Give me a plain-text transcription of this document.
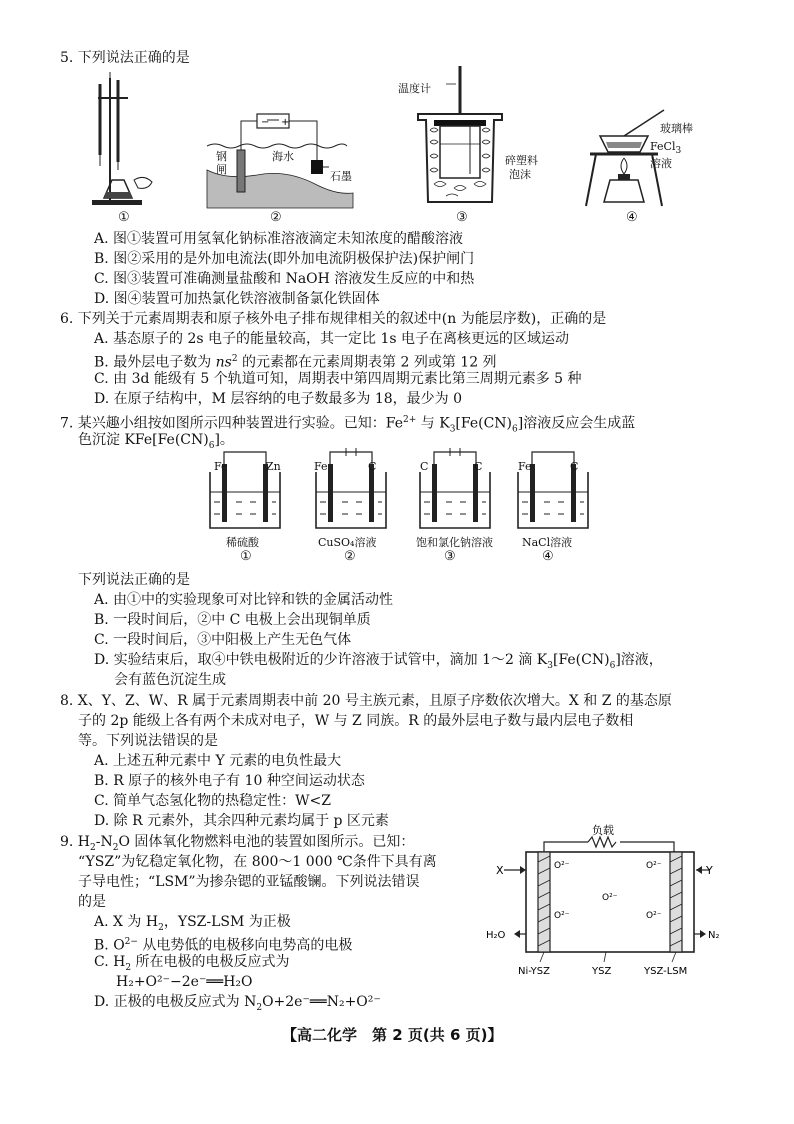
5. 下列说法正确的是
− +
钢
闸
海水
石墨
温度计
碎塑料
泡沫
玻璃棒
FeCl$_3$
溶液
①	②	③	④
A. 图①装置可用氢氧化钠标准溶液滴定未知浓度的醋酸溶液
B. 图②采用的是外加电流法(即外加电流阴极保护法)保护闸门
C. 图③装置可准确测量盐酸和 NaOH 溶液发生反应的中和热
D. 图④装置可加热氯化铁溶液制备氯化铁固体
6. 下列关于元素周期表和原子核外电子排布规律相关的叙述中(n 为能层序数)，正确的是
A. 基态原子的 2s 电子的能量较高，其一定比 1s 电子在离核更远的区域运动
B. 最外层电子数为 $ns^2$ 的元素都在元素周期表第 2 列或第 12 列
C. 由 3d 能级有 5 个轨道可知，周期表中第四周期元素比第三周期元素多 5 种
D. 在原子结构中，M 层容纳的电子数最多为 18，最少为 0
7. 某兴趣小组按如图所示四种装置进行实验。已知：$Fe^{2+}$ 与 $K_3[Fe(CN)_6]$溶液反应会生成蓝
色沉淀 $KFe[Fe(CN)_6]$。
Fe	Zn	Fe	C	C	C	Fe	C
稀硫酸	CuSO₄溶液	饱和氯化钠溶液	NaCl溶液
①	②	③	④
下列说法正确的是
A. 由①中的实验现象可对比锌和铁的金属活动性
B. 一段时间后，②中 C 电极上会出现铜单质
C. 一段时间后，③中阳极上产生无色气体
D. 实验结束后，取④中铁电极附近的少许溶液于试管中，滴加 1～2 滴 $K_3[Fe(CN)_6]$溶液，
会有蓝色沉淀生成
8. X、Y、Z、W、R 属于元素周期表中前 20 号主族元素，且原子序数依次增大。X 和 Z 的基态原
子的 2p 能级上各有两个未成对电子，W 与 Z 同族。R 的最外层电子数与最内层电子数相
等。下列说法错误的是
A. 上述五种元素中 Y 元素的电负性最大
B. R 原子的核外电子有 10 种空间运动状态
C. 简单气态氢化物的热稳定性：W<Z
D. 除 R 元素外，其余四种元素均属于 p 区元素
9. $H_2-N_2O$ 固体氧化物燃料电池的装置如图所示。已知：
“YSZ”为钇稳定氧化物，在 800～1 000 ℃条件下具有离
子导电性；“LSM”为掺杂锶的亚锰酸镧。下列说法错误
的是
A. X 为 $H_2$，YSZ-LSM 为正极
B. $O^{2-}$ 从电势低的电极移向电势高的电极
C. $H_2$ 所在电极的电极反应式为
H₂+O²⁻−2e⁻══H₂O
D. 正极的电极反应式为 $N_2O+2e^-══N_2+O^{2-}$
负载
X	Y
H₂O	N₂
O²⁻	O²⁻
O²⁻
O²⁻	O²⁻
Ni-YSZ	YSZ	YSZ-LSM
【高二化学　第 2 页(共 6 页)】
